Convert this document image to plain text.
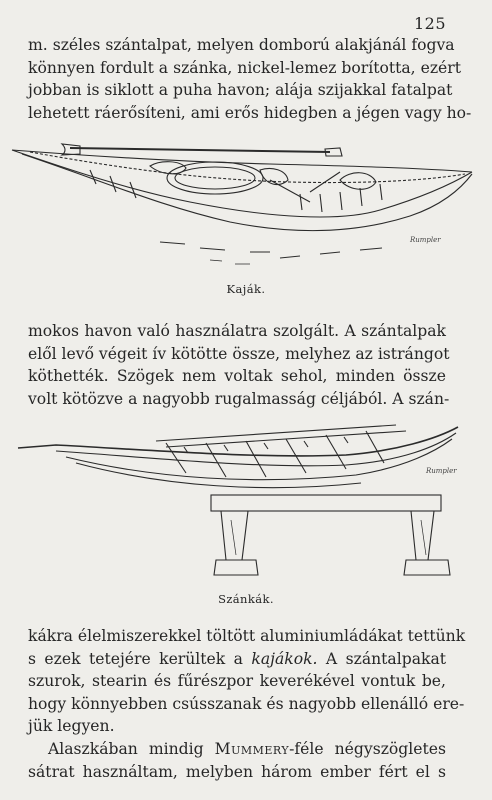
125

m. széles szántalpat, melyen domború alakjánál fogva
könnyen fordult a szánka, nickel-lemez borította, ezért
jobban is siklott a puha havon; alája szijakkal fatalpat
lehetett ráerősíteni, ami erős hidegben a jégen vagy ho-

Rumpler
Kaják.

mokos havon való használatra szolgált. A szántalpak
elől levő végeit ív kötötte össze, melyhez az istrángot
köthették. Szögek nem voltak sehol, minden össze
volt kötözve a nagyobb rugalmasság céljából. A szán-

Rumpler
Szánkák.

kákra élelmiszerekkel töltött aluminiumládákat tettünk
s ezek tetejére kerültek a kajákok. A szántalpakat
szurok, stearin és fűrészpor keverékével vontuk be,
hogy könnyebben csússzanak és nagyobb ellenálló ere-
jük legyen.

Alaszkában mindig Mummery-féle négyszögletes
sátrat használtam, melyben három ember fért el s
